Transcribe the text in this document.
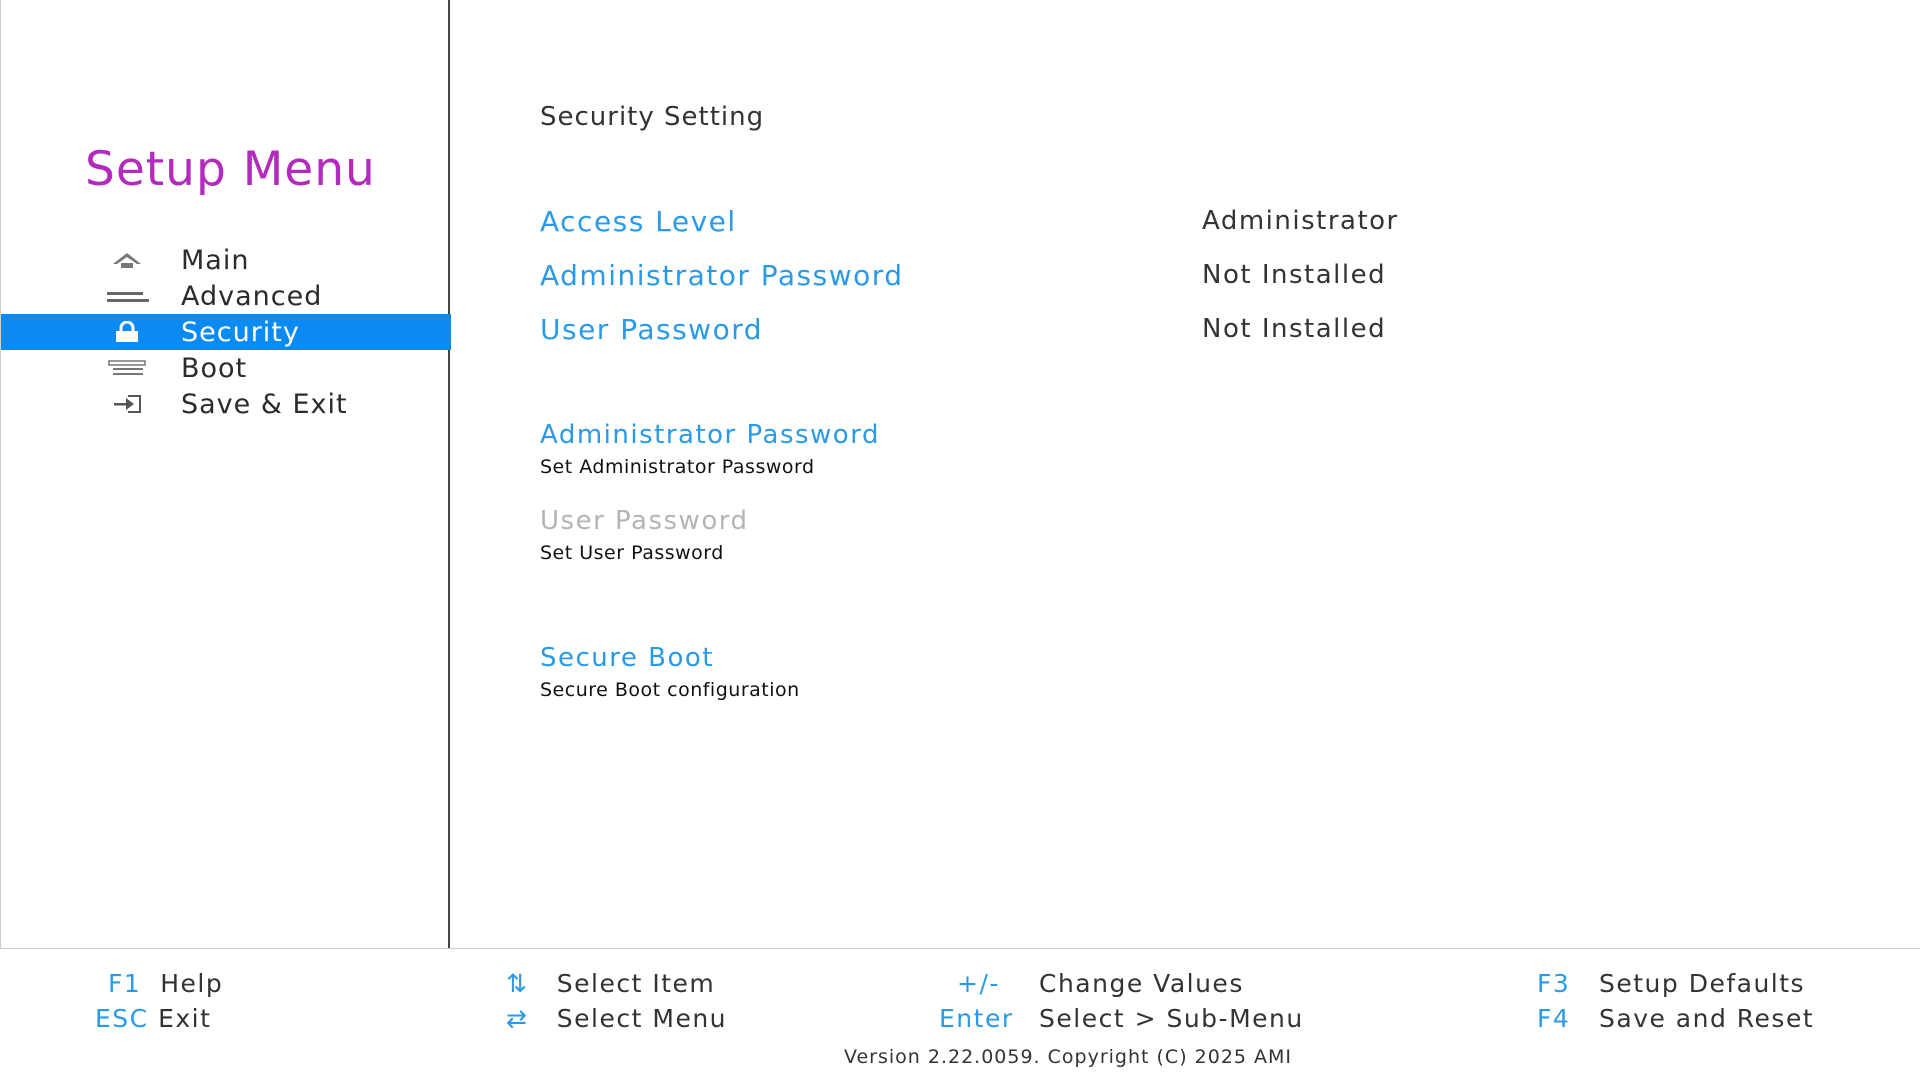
Setup Menu
Main
Advanced
Security
Boot
Save & Exit
Security Setting
Access Level	Administrator
Administrator Password	Not Installed
User Password	Not Installed
Administrator Password
Set Administrator Password
User Password
Set User Password
Secure Boot
Secure Boot configuration
F1 Help
ESC Exit
⇅ Select Item
⇄ Select Menu
+/- Change Values
Enter Select > Sub-Menu
F3 Setup Defaults
F4 Save and Reset
Version 2.22.0059. Copyright (C) 2025 AMI
